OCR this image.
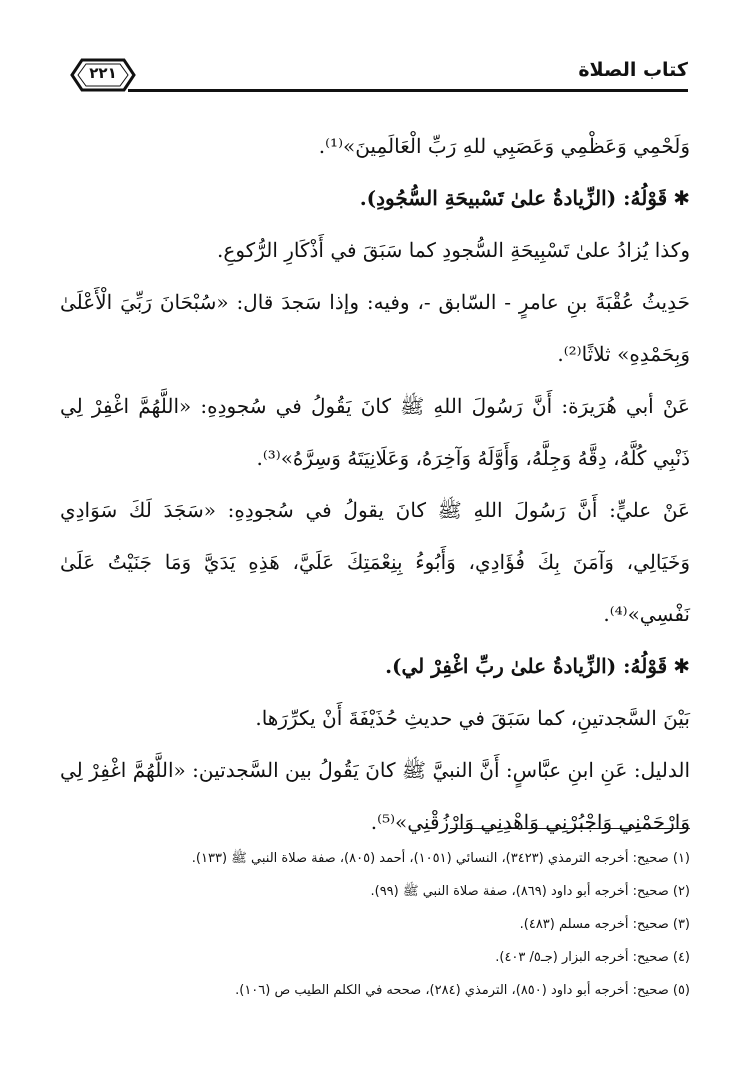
كتاب الصلاة
٢٢١

وَلَحْمِي وَعَظْمِي وَعَصَبِي للهِ رَبِّ الْعَالَمِينَ»⁽¹⁾.

✱قَوْلُهُ: (الزِّيادةُ علىٰ تَسْبيحَةِ السُّجُودِ).

وكذا يُزادُ علىٰ تَسْبِيحَةِ السُّجودِ كما سَبَقَ في أَذْكَارِ الرُّكوعِ.

حَدِيثُ عُقْبَةَ بنِ عامرٍ - السّابق -، وفيه: وإذا سَجدَ قال: «سُبْحَانَ رَبِّيَ الْأَعْلَىٰ وَبِحَمْدِهِ» ثلاثًا⁽²⁾.

عَنْ أبي هُرَيرَة: أَنَّ رَسُولَ اللهِ ﷺ كانَ يَقُولُ في سُجودِهِ: «اللَّهُمَّ اغْفِرْ لِي ذَنْبِي كُلَّهُ، دِقَّهُ وَجِلَّهُ، وَأَوَّلَهُ وَآخِرَهُ، وَعَلَانِيَتَهُ وَسِرَّهُ»⁽³⁾.

عَنْ عليٍّ: أَنَّ رَسُولَ اللهِ ﷺ كانَ يقولُ في سُجودِهِ: «سَجَدَ لَكَ سَوَادِي وَخَيَالِي، وَآمَنَ بِكَ فُؤَادِي، وَأَبُوءُ بِنِعْمَتِكَ عَلَيَّ، هَذِهِ يَدَيَّ وَمَا جَنَيْتُ عَلَىٰ نَفْسِي»⁽⁴⁾.

✱قَوْلُهُ: (الزِّيادةُ علىٰ ربِّ اغْفِرْ لي).

بَيْنَ السَّجدتينِ، كما سَبَقَ في حديثِ حُذَيْفَةَ أَنْ يكرِّرَها.

الدليل: عَنِ ابنِ عبَّاسٍ: أَنَّ النبيَّ ﷺ كانَ يَقُولُ بين السَّجدتين: «اللَّهُمَّ اغْفِرْ لِي وَارْحَمْنِي وَاجْبُرْنِي وَاهْدِنِي وَارْزُقْنِي»⁽⁵⁾.

(١) صحيح: أخرجه الترمذي (٣٤٢٣)، النسائي (١٠٥١)، أحمد (٨٠٥)، صفة صلاة النبي ﷺ (١٣٣).

(٢) صحيح: أخرجه أبو داود (٨٦٩)، صفة صلاة النبي ﷺ (٩٩).

(٣) صحيح: أخرجه مسلم (٤٨٣).

(٤) صحيح: أخرجه البزار (جـ٥/ ٤٠٣).

(٥) صحيح: أخرجه أبو داود (٨٥٠)، الترمذي (٢٨٤)، صححه في الكلم الطيب ص (١٠٦).
